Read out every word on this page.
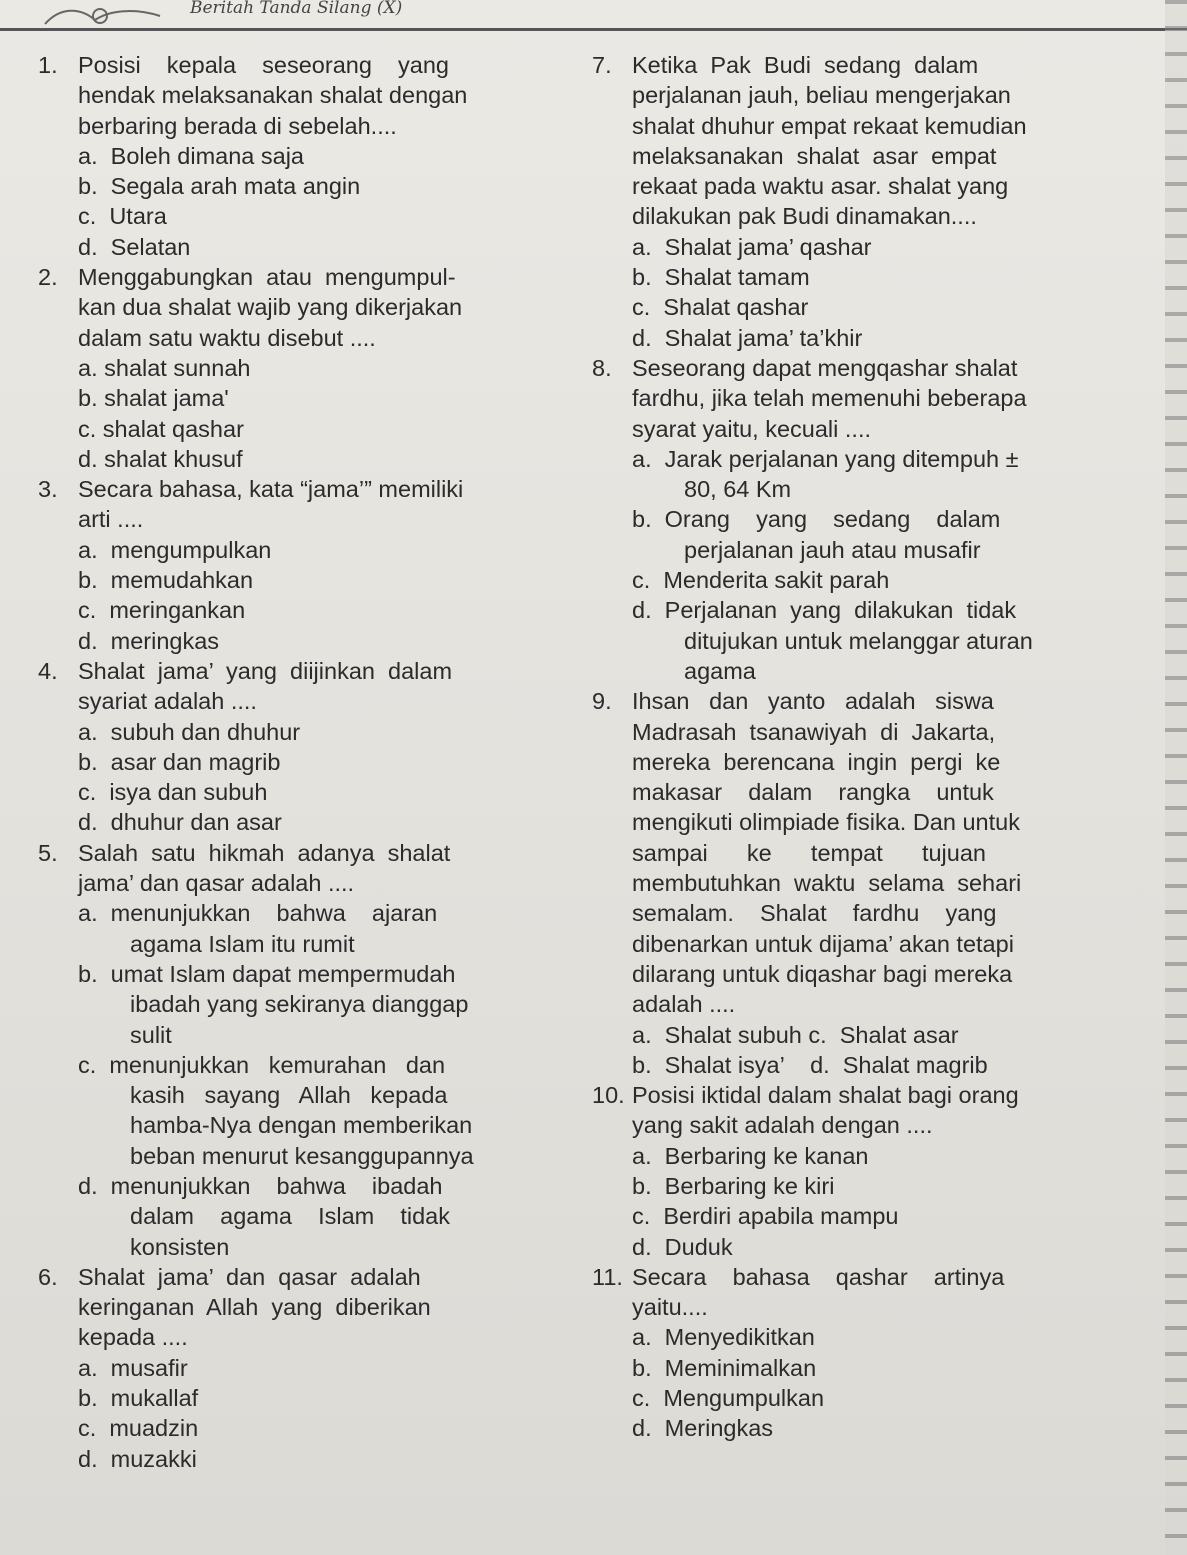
Beritah Tanda Silang (X)
1. Posisi    kepala    seseorang    yang
hendak melaksanakan shalat dengan
berbaring berada di sebelah....
a.  Boleh dimana saja
b.  Segala arah mata angin
c.  Utara
d.  Selatan
2. Menggabungkan  atau  mengumpul-
kan dua shalat wajib yang dikerjakan
dalam satu waktu disebut ....
a. shalat sunnah
b. shalat jama'
c. shalat qashar
d. shalat khusuf
3. Secara bahasa, kata “jama’” memiliki
arti ....
a.  mengumpulkan
b.  memudahkan
c.  meringankan
d.  meringkas
4. Shalat  jama’  yang  diijinkan  dalam
syariat adalah ....
a.  subuh dan dhuhur
b.  asar dan magrib
c.  isya dan subuh
d.  dhuhur dan asar
5. Salah  satu  hikmah  adanya  shalat
jama’ dan qasar adalah ....
a.  menunjukkan    bahwa    ajaran
agama Islam itu rumit
b.  umat Islam dapat mempermudah
ibadah yang sekiranya dianggap
sulit
c.  menunjukkan   kemurahan   dan
kasih   sayang   Allah   kepada
hamba-Nya dengan memberikan
beban menurut kesanggupannya
d.  menunjukkan    bahwa    ibadah
dalam    agama    Islam    tidak
konsisten
6. Shalat  jama’  dan  qasar  adalah
keringanan  Allah  yang  diberikan
kepada ....
a.  musafir
b.  mukallaf
c.  muadzin
d.  muzakki
7. Ketika  Pak  Budi  sedang  dalam
perjalanan jauh, beliau mengerjakan
shalat dhuhur empat rekaat kemudian
melaksanakan  shalat  asar  empat
rekaat pada waktu asar. shalat yang
dilakukan pak Budi dinamakan....
a.  Shalat jama’ qashar
b.  Shalat tamam
c.  Shalat qashar
d.  Shalat jama’ ta’khir
8. Seseorang dapat mengqashar shalat
fardhu, jika telah memenuhi beberapa
syarat yaitu, kecuali ....
a.  Jarak perjalanan yang ditempuh ±
80, 64 Km
b.  Orang    yang    sedang    dalam
perjalanan jauh atau musafir
c.  Menderita sakit parah
d.  Perjalanan  yang  dilakukan  tidak
ditujukan untuk melanggar aturan
agama
9. Ihsan   dan   yanto   adalah   siswa
Madrasah  tsanawiyah  di  Jakarta,
mereka  berencana  ingin  pergi  ke
makasar    dalam    rangka    untuk
mengikuti olimpiade fisika. Dan untuk
sampai      ke      tempat      tujuan
membutuhkan  waktu  selama  sehari
semalam.    Shalat    fardhu    yang
dibenarkan untuk dijama’ akan tetapi
dilarang untuk diqashar bagi mereka
adalah ....
a.  Shalat subuh c.  Shalat asar
b.  Shalat isya’    d.  Shalat magrib
10. Posisi iktidal dalam shalat bagi orang
yang sakit adalah dengan ....
a.  Berbaring ke kanan
b.  Berbaring ke kiri
c.  Berdiri apabila mampu
d.  Duduk
11. Secara    bahasa    qashar    artinya
yaitu....
a.  Menyedikitkan
b.  Meminimalkan
c.  Mengumpulkan
d.  Meringkas
